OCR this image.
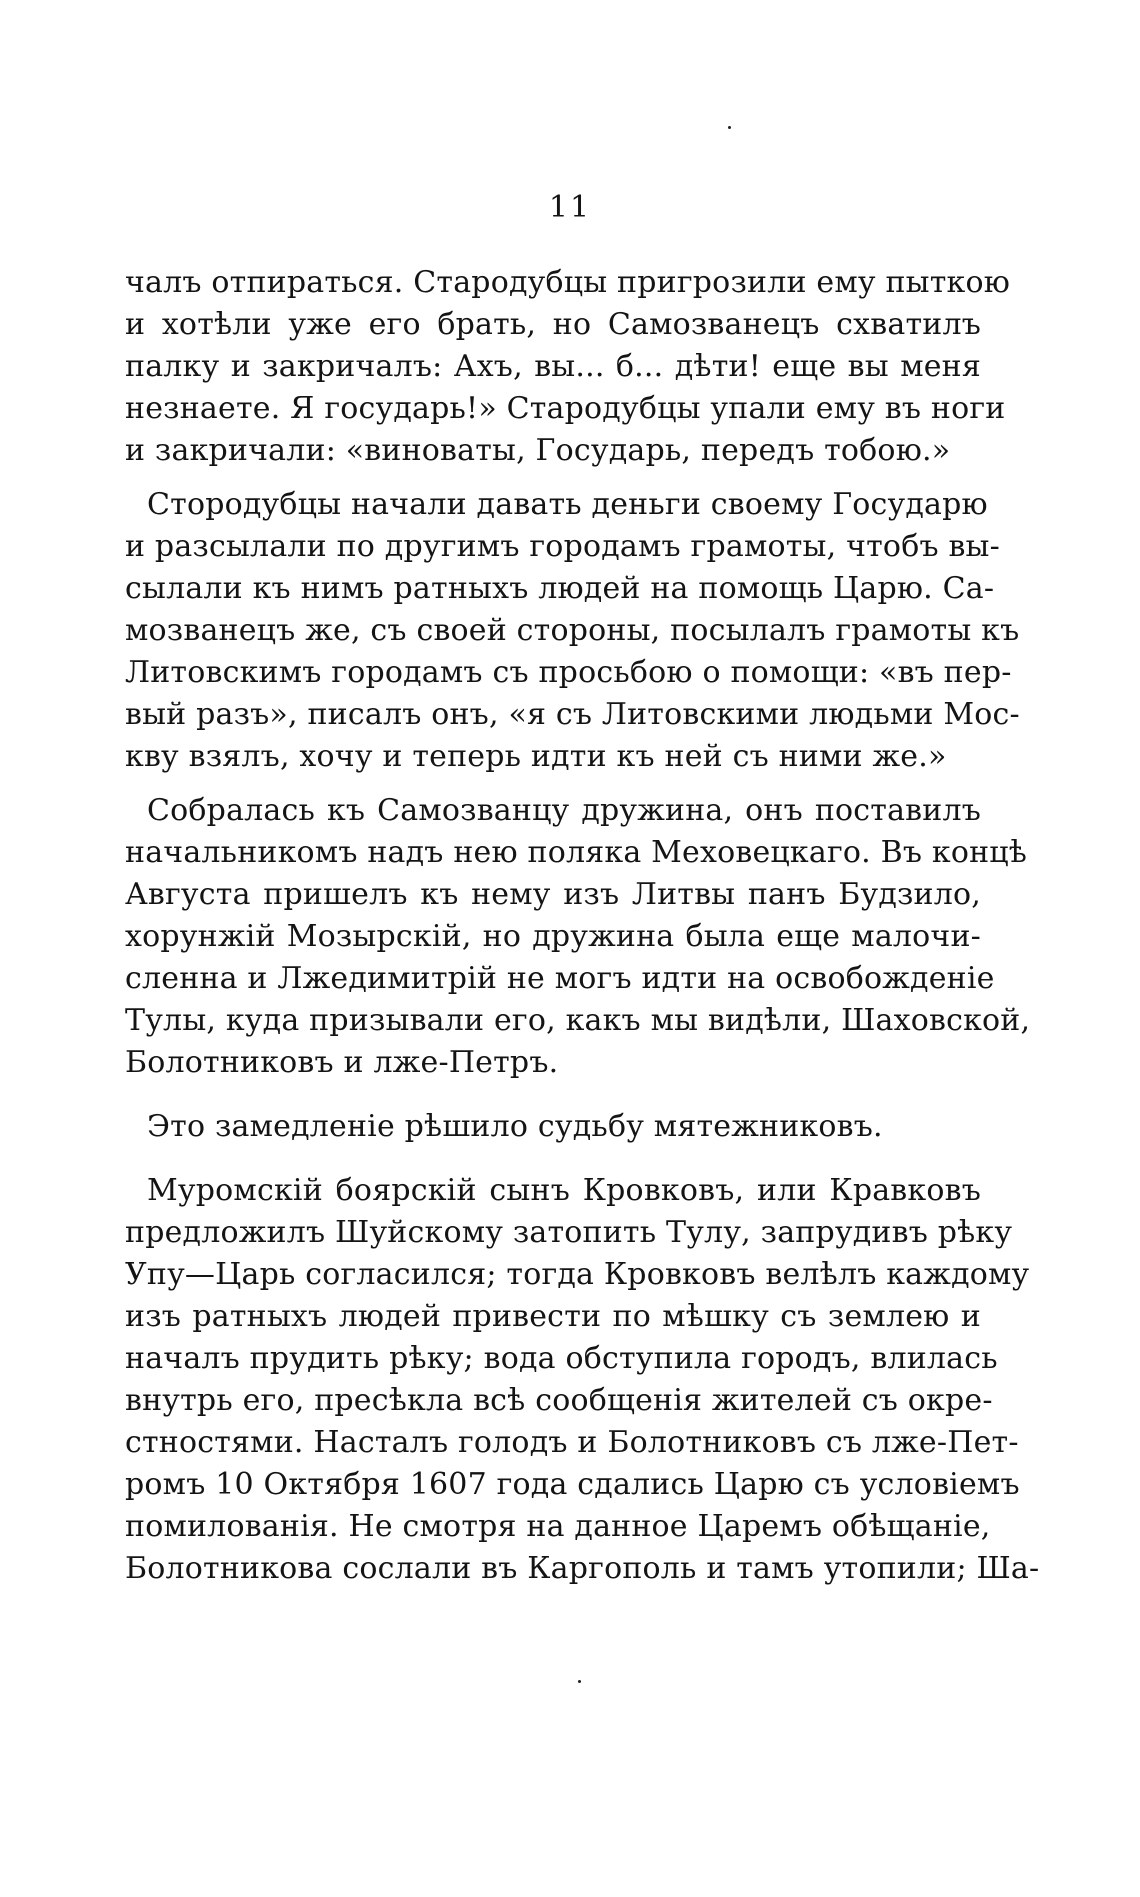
11
чалъ отпираться. Стародубцы пригрозили ему пыткою
и хотѣли уже его брать, но Самозванецъ схватилъ
палку и закричалъ: Ахъ, вы... б... дѣти! еще вы меня
незнаете. Я государь!» Стародубцы упали ему въ ноги
и закричали: «виноваты, Государь, передъ тобою.»
Стородубцы начали давать деньги своему Государю
и разсылали по другимъ городамъ грамоты, чтобъ вы-
сылали къ нимъ ратныхъ людей на помощь Царю. Са-
мозванецъ же, съ своей стороны, посылалъ грамоты къ
Литовскимъ городамъ съ просьбою о помощи: «въ пер-
вый разъ», писалъ онъ, «я съ Литовскими людьми Мос-
кву взялъ, хочу и теперь идти къ ней съ ними же.»
Собралась къ Самозванцу дружина, онъ поставилъ
начальникомъ надъ нею поляка Меховецкаго. Въ концѣ
Августа пришелъ къ нему изъ Литвы панъ Будзило,
хорунжій Мозырскій, но дружина была еще малочи-
сленна и Лжедимитрій не могъ идти на освобожденіе
Тулы, куда призывали его, какъ мы видѣли, Шаховской,
Болотниковъ и лже-Петръ.
Это замедленіе рѣшило судьбу мятежниковъ.
Муромскій боярскій сынъ Кровковъ, или Кравковъ
предложилъ Шуйскому затопить Тулу, запрудивъ рѣку
Упу—Царь согласился; тогда Кровковъ велѣлъ каждому
изъ ратныхъ людей привести по мѣшку съ землею и
началъ прудить рѣку; вода обступила городъ, влилась
внутрь его, пресѣкла всѣ сообщенія жителей съ окре-
стностями. Насталъ голодъ и Болотниковъ съ лже-Пет-
ромъ 10 Октября 1607 года сдались Царю съ условіемъ
помилованія. Не смотря на данное Царемъ обѣщаніе,
Болотникова сослали въ Каргополь и тамъ утопили; Ша-
